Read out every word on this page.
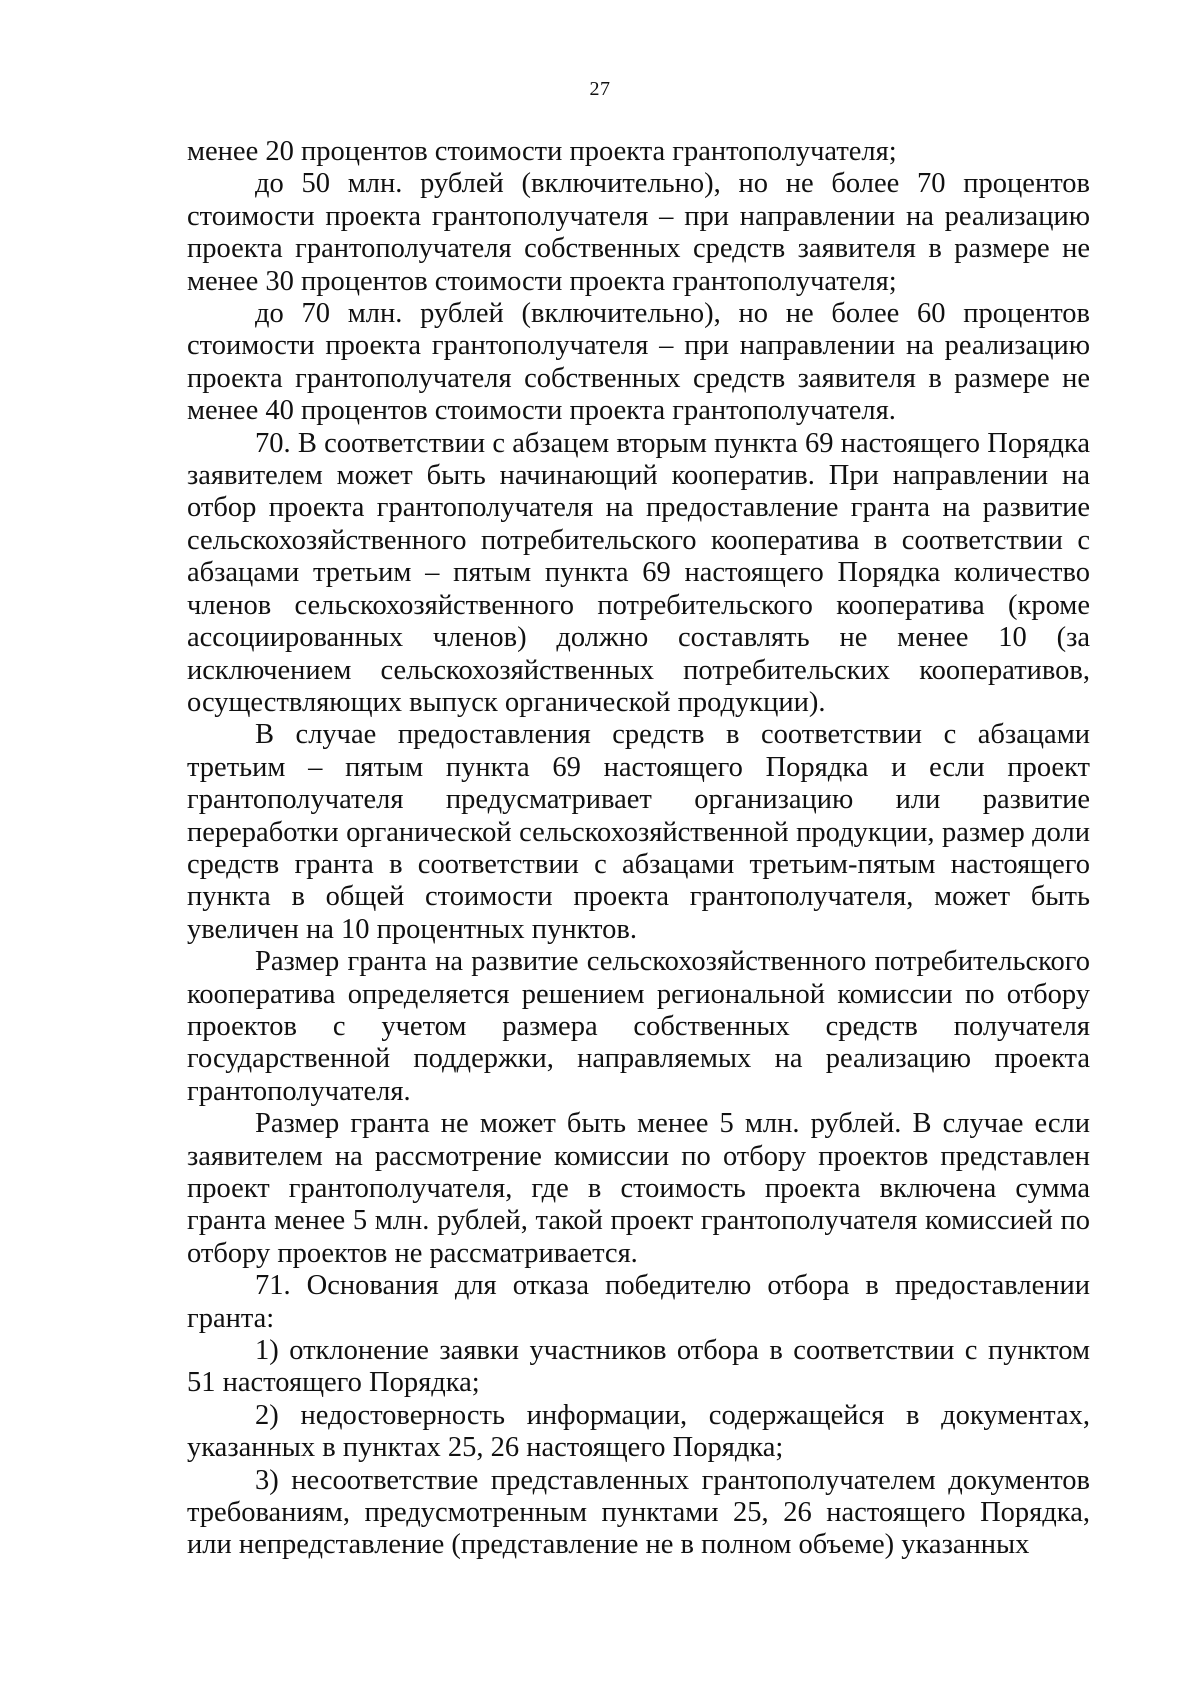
27

менее 20 процентов стоимости проекта грантополучателя;

до 50 млн. рублей (включительно), но не более 70 процентов стоимости проекта грантополучателя – при направлении на реализацию проекта грантополучателя собственных средств заявителя в размере не менее 30 процентов стоимости проекта грантополучателя;

до 70 млн. рублей (включительно), но не более 60 процентов стоимости проекта грантополучателя – при направлении на реализацию проекта грантополучателя собственных средств заявителя в размере не менее 40 процентов стоимости проекта грантополучателя.

70. В соответствии с абзацем вторым пункта 69 настоящего Порядка заявителем может быть начинающий кооператив. При направлении на отбор проекта грантополучателя на предоставление гранта на развитие сельскохозяйственного потребительского кооператива в соответствии с абзацами третьим – пятым пункта 69 настоящего Порядка количество членов сельскохозяйственного потребительского кооператива (кроме ассоциированных членов) должно составлять не менее 10 (за исключением сельскохозяйственных потребительских кооперативов, осуществляющих выпуск органической продукции).

В случае предоставления средств в соответствии с абзацами третьим – пятым пункта 69 настоящего Порядка и если проект грантополучателя предусматривает организацию или развитие переработки органической сельскохозяйственной продукции, размер доли средств гранта в соответствии с абзацами третьим-пятым настоящего пункта в общей стоимости проекта грантополучателя, может быть увеличен на 10 процентных пунктов.

Размер гранта на развитие сельскохозяйственного потребительского кооператива определяется решением региональной комиссии по отбору проектов с учетом размера собственных средств получателя государственной поддержки, направляемых на реализацию проекта грантополучателя.

Размер гранта не может быть менее 5 млн. рублей. В случае если заявителем на рассмотрение комиссии по отбору проектов представлен проект грантополучателя, где в стоимость проекта включена сумма гранта менее 5 млн. рублей, такой проект грантополучателя комиссией по отбору проектов не рассматривается.

71. Основания для отказа победителю отбора в предоставлении гранта:

1) отклонение заявки участников отбора в соответствии с пунктом 51 настоящего Порядка;

2) недостоверность информации, содержащейся в документах, указанных в пунктах 25, 26 настоящего Порядка;

3) несоответствие представленных грантополучателем документов требованиям, предусмотренным пунктами 25, 26 настоящего Порядка, или непредставление (представление не в полном объеме) указанных
